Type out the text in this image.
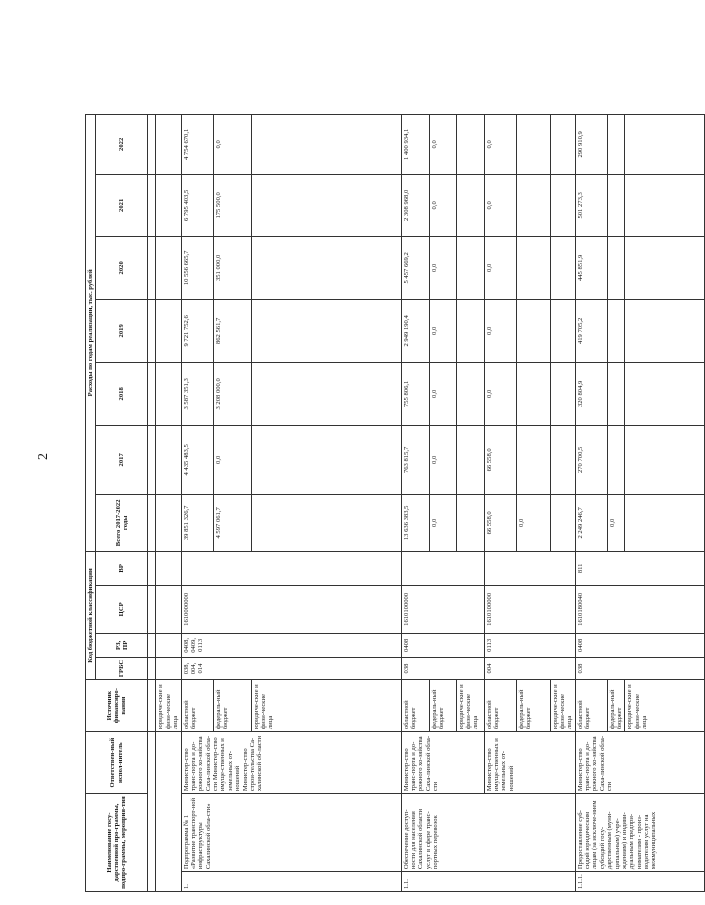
2
Наименование госу-дарственной про-граммы, подпро-граммы, мероприя-тия		Ответствен-ный испол-нитель	Источник финансиро-вания	Код бюджетной классификации				Расходы по годам реализации, тыс. рублей						
				ГРБС	РЗ, ПР	ЦСР	ВР	Всего 2017-2022 годы	2017	2018	2019	2020	2021	2022

			юридиче-ские и физи-ческие лица											
1.	Подпрограмма № 1 «Развитие транспорт-ной инфраструктуры Сахалинской обла-сти»	Министер-ство транс-порта и до-рожного хо-зяйства Саха-линской обла-сти Министер-ство имуще-ственных и земельных от-ношений Министер-ство строи-тельства Са-халинской об-ласти	областной бюджет	038, 004, 014	0408, 0409, 0113	1610000000		39 851 326,7	4 435 483,5	3 587 351,3	9 721 752,6	10 556 665,7	6 795 403,5	4 754 670,1
			федераль-ный бюджет					4 597 061,7	0,0	3 208 000,0	862 561,7	351 000,0	175 500,0	0,0
			юридиче-ские и физи-ческие лица											
1.1.	Обеспечение доступ-ности для населения Сахалинской области услуг в сфере транс-портных перевозок	Министер-ство транс-порта и до-рожного хо-зяйства Саха-линской обла-сти	областной бюджет	038	0408	1610100000		13 636 383,5	763 815,7	755 806,1	2 949 190,4	5 457 669,2	2 308 968,0	1 400 934,1
			федераль-ный бюджет					0,0	0,0	0,0	0,0	0,0	0,0	0,0
			юридиче-ские и физи-ческие лица											
		Министер-ство имуще-ственных и земельных от-ношений	областной бюджет	004	0113	1610100000		66 558,0	66 558,0	0,0	0,0	0,0	0,0	0,0
			федераль-ный бюджет					0,0						
			юридиче-ские и физи-ческие лица											
1.1.1.	Предоставление суб-сидий юридическим лицам (за исключе-нием субсидий госу-дарственным (муни-ципальным) учре-ждениям) и индиви-дуальным предпри-нимателям - произ-водителям услуг на межмуниципальных	Министер-ство транс-порта и до-рожного хо-зяйства Саха-линской обла-сти	областной бюджет	038	0408	1610180040	811	2 249 246,7	270 700,5	320 804,9	419 705,2	445 851,9	501 273,3	290 910,9
			федераль-ный бюджет					0,0						
			юридиче-ские и физи-ческие лица											
